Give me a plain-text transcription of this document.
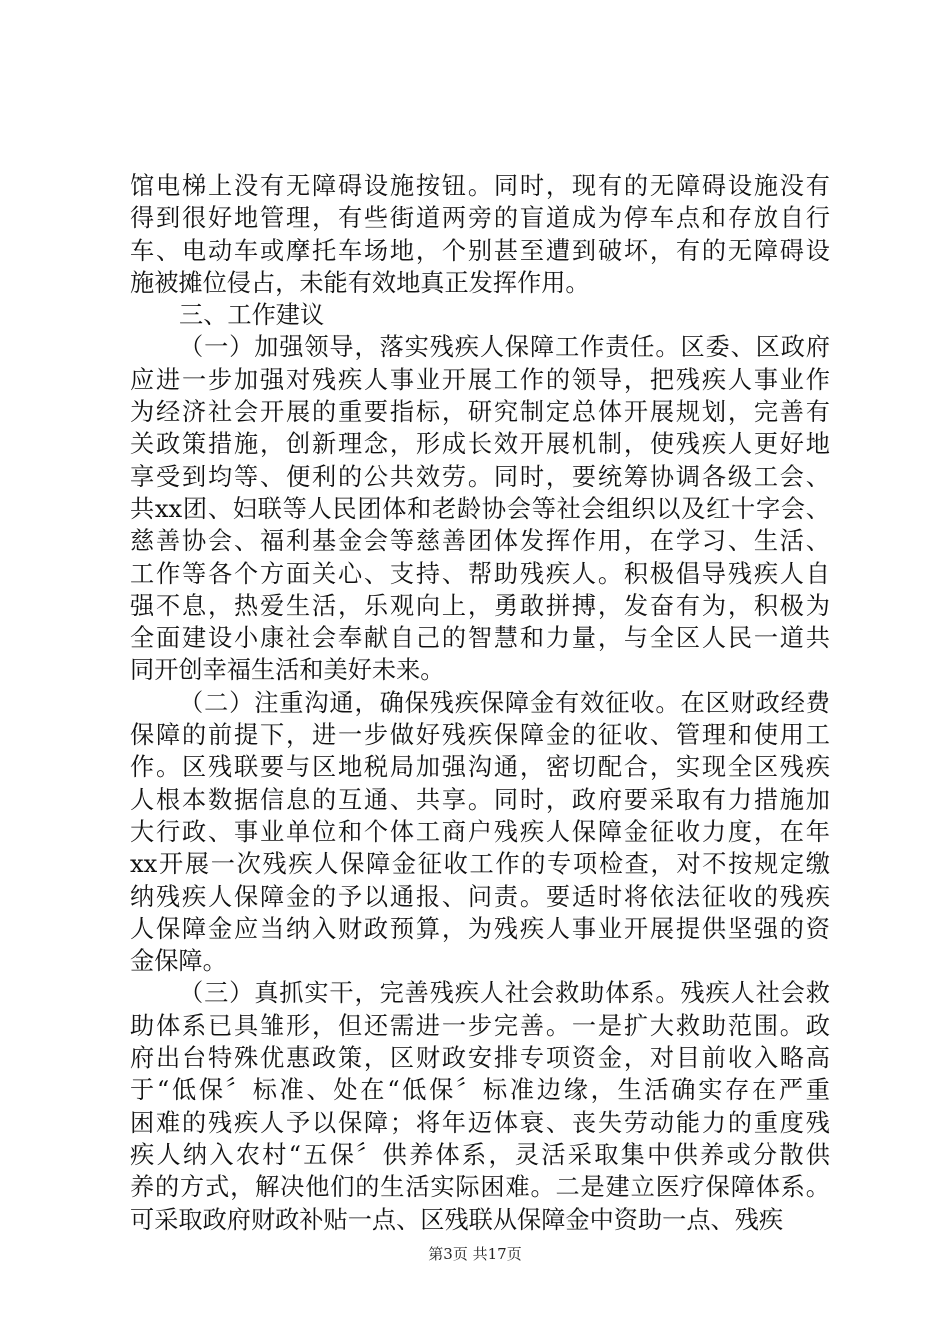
馆电梯上没有无障碍设施按钮。同时，现有的无障碍设施没有

得到很好地管理，有些街道两旁的盲道成为停车点和存放自行

车、电动车或摩托车场地，个别甚至遭到破坏，有的无障碍设

施被摊位侵占，未能有效地真正发挥作用。

三、工作建议

（一）加强领导，落实残疾人保障工作责任。区委、区政府

应进一步加强对残疾人事业开展工作的领导，把残疾人事业作

为经济社会开展的重要指标，研究制定总体开展规划，完善有

关政策措施，创新理念，形成长效开展机制，使残疾人更好地

享受到均等、便利的公共效劳。同时，要统筹协调各级工会、

共xx团、妇联等人民团体和老龄协会等社会组织以及红十字会、

慈善协会、福利基金会等慈善团体发挥作用，在学习、生活、

工作等各个方面关心、支持、帮助残疾人。积极倡导残疾人自

强不息，热爱生活，乐观向上，勇敢拼搏，发奋有为，积极为

全面建设小康社会奉献自己的智慧和力量，与全区人民一道共

同开创幸福生活和美好未来。

（二）注重沟通，确保残疾保障金有效征收。在区财政经费

保障的前提下，进一步做好残疾保障金的征收、管理和使用工

作。区残联要与区地税局加强沟通，密切配合，实现全区残疾

人根本数据信息的互通、共享。同时，政府要采取有力措施加

大行政、事业单位和个体工商户残疾人保障金征收力度，在年

xx开展一次残疾人保障金征收工作的专项检查，对不按规定缴

纳残疾人保障金的予以通报、问责。要适时将依法征收的残疾

人保障金应当纳入财政预算，为残疾人事业开展提供坚强的资

金保障。

（三）真抓实干，完善残疾人社会救助体系。残疾人社会救

助体系已具雏形，但还需进一步完善。一是扩大救助范围。政

府出台特殊优惠政策，区财政安排专项资金，对目前收入略高

于“低保〞标准、处在“低保〞标准边缘，生活确实存在严重

困难的残疾人予以保障；将年迈体衰、丧失劳动能力的重度残

疾人纳入农村“五保〞供养体系，灵活采取集中供养或分散供

养的方式，解决他们的生活实际困难。二是建立医疗保障体系。

可采取政府财政补贴一点、区残联从保障金中资助一点、残疾

第3页 共17页
